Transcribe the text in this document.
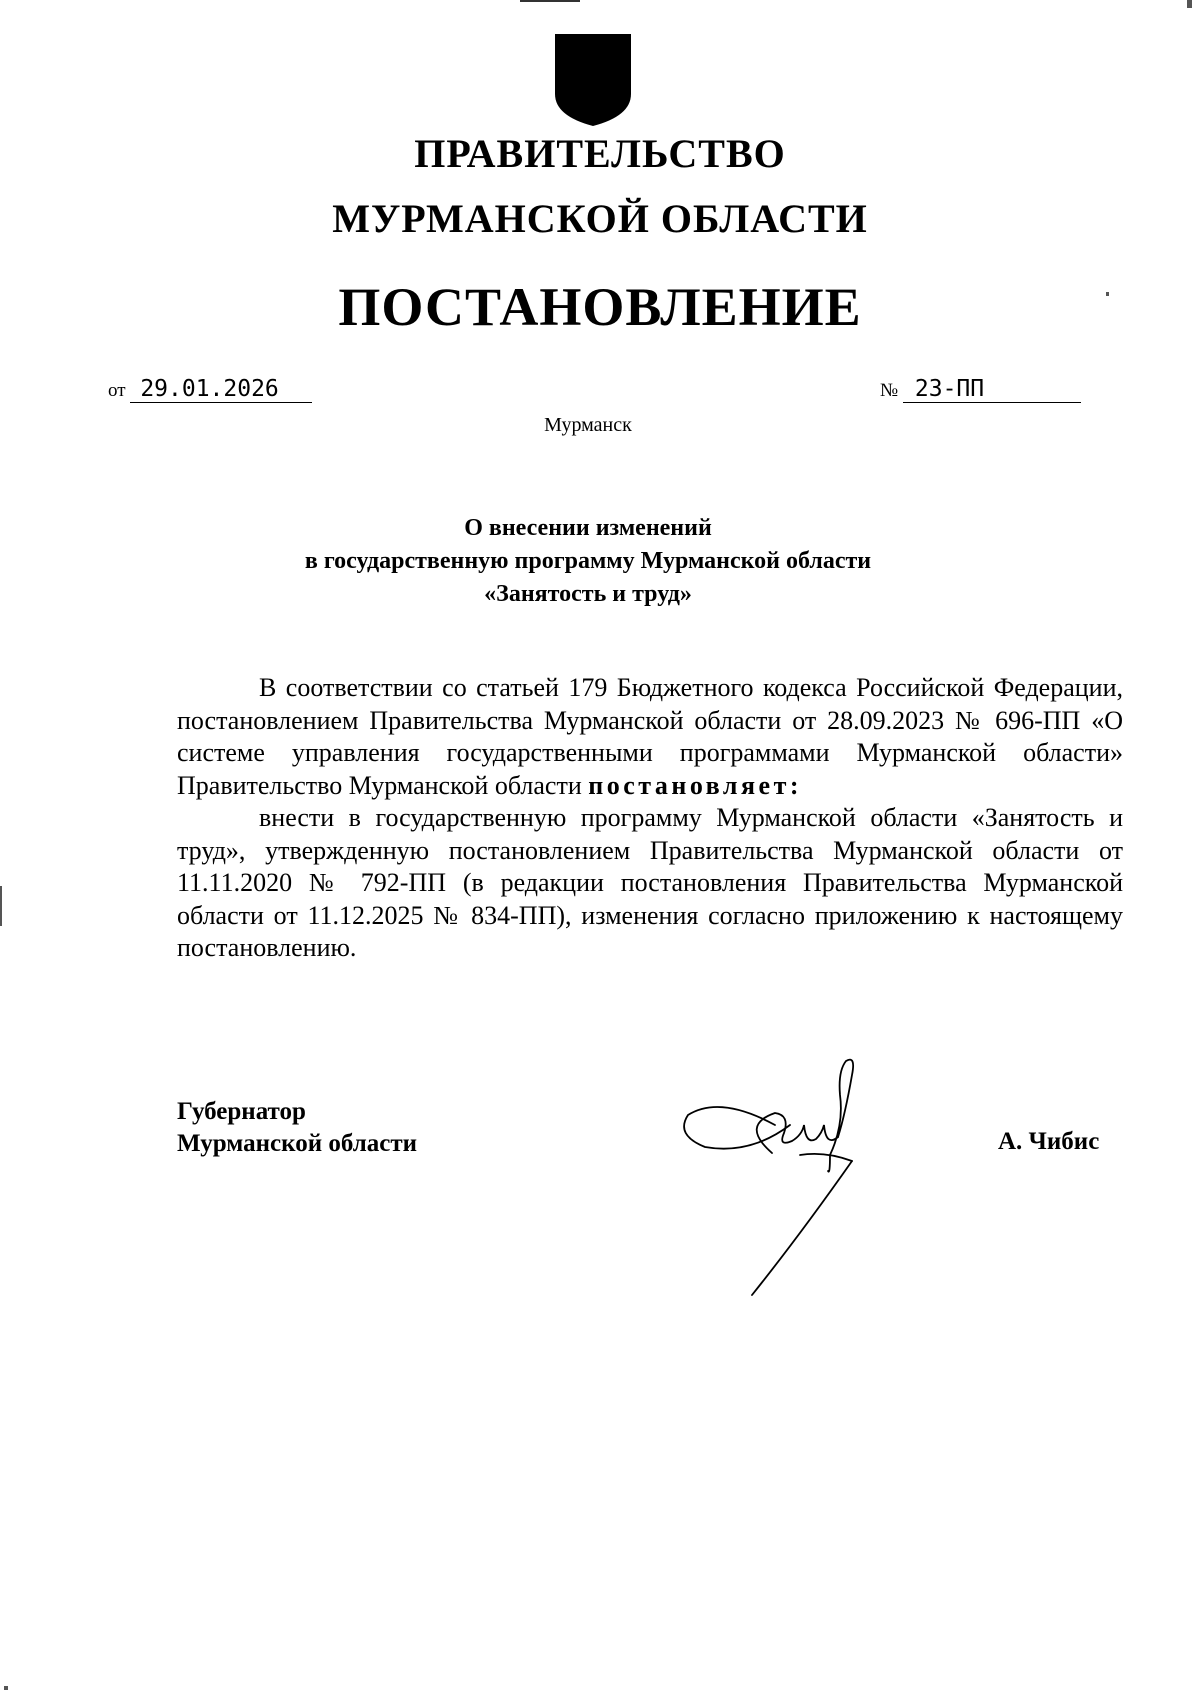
ПРАВИТЕЛЬСТВО
МУРМАНСКОЙ ОБЛАСТИ
ПОСТАНОВЛЕНИЕ
от 29.01.2026	№ 23-ПП
Мурманск
О внесении изменений
в государственную программу Мурманской области
«Занятость и труд»

В соответствии со статьей 179 Бюджетного кодекса Российской Федерации, постановлением Правительства Мурманской области от 28.09.2023 № 696-ПП «О системе управления государственными программами Мурманской области» Правительство Мурманской области постановляет:

внести в государственную программу Мурманской области «Занятость и труд», утвержденную постановлением Правительства Мурманской области от 11.11.2020 № 792-ПП (в редакции постановления Правительства Мурманской области от 11.12.2025 № 834-ПП), изменения согласно приложению к настоящему постановлению.

Губернатор
Мурманской области	А. Чибис
